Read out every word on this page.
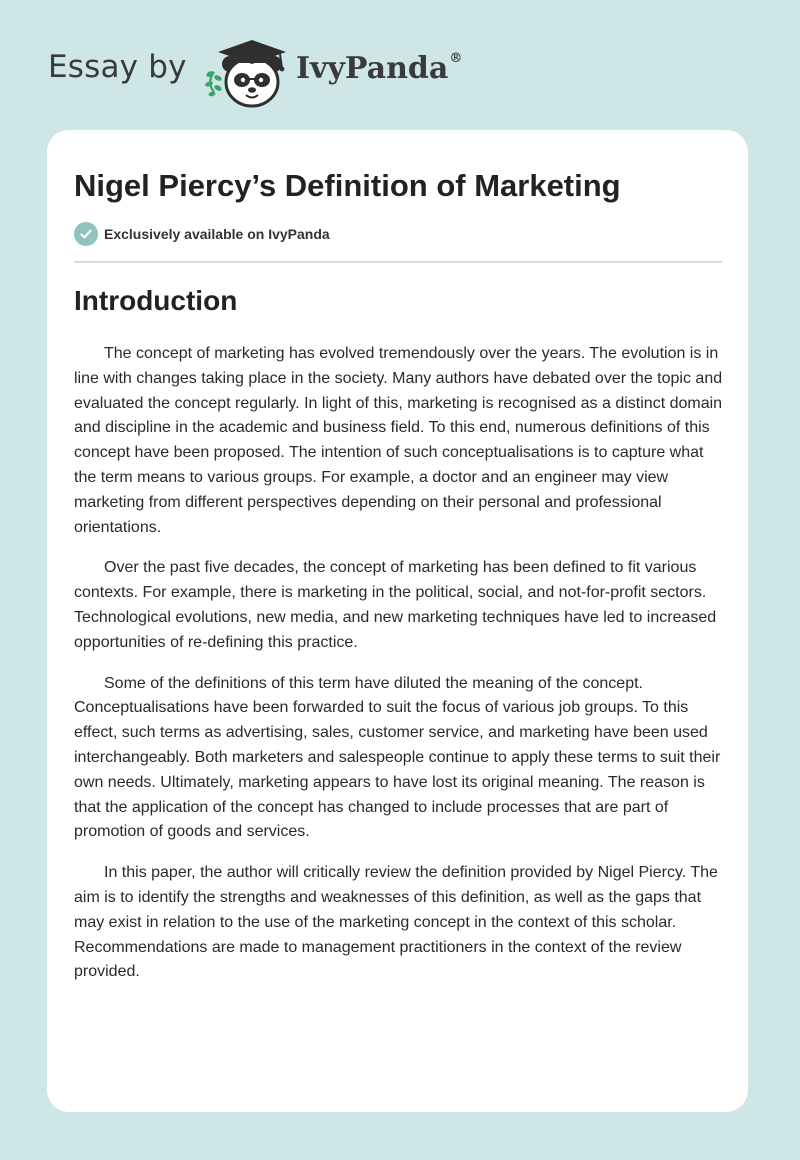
Essay by	IvyPanda®
Nigel Piercy’s Definition of Marketing
Exclusively available on IvyPanda
Introduction

The concept of marketing has evolved tremendously over the years. The evolution is in line with changes taking place in the society. Many authors have debated over the topic and evaluated the concept regularly. In light of this, marketing is recognised as a distinct domain and discipline in the academic and business field. To this end, numerous definitions of this concept have been proposed. The intention of such conceptualisations is to capture what the term means to various groups. For example, a doctor and an engineer may view marketing from different perspectives depending on their personal and professional orientations.

Over the past five decades, the concept of marketing has been defined to fit various contexts. For example, there is marketing in the political, social, and not-for-profit sectors. Technological evolutions, new media, and new marketing techniques have led to increased opportunities of re-defining this practice.

Some of the definitions of this term have diluted the meaning of the concept. Conceptualisations have been forwarded to suit the focus of various job groups. To this effect, such terms as advertising, sales, customer service, and marketing have been used interchangeably. Both marketers and salespeople continue to apply these terms to suit their own needs. Ultimately, marketing appears to have lost its original meaning. The reason is that the application of the concept has changed to include processes that are part of promotion of goods and services.

In this paper, the author will critically review the definition provided by Nigel Piercy. The aim is to identify the strengths and weaknesses of this definition, as well as the gaps that may exist in relation to the use of the marketing concept in the context of this scholar. Recommendations are made to management practitioners in the context of the review provided.
